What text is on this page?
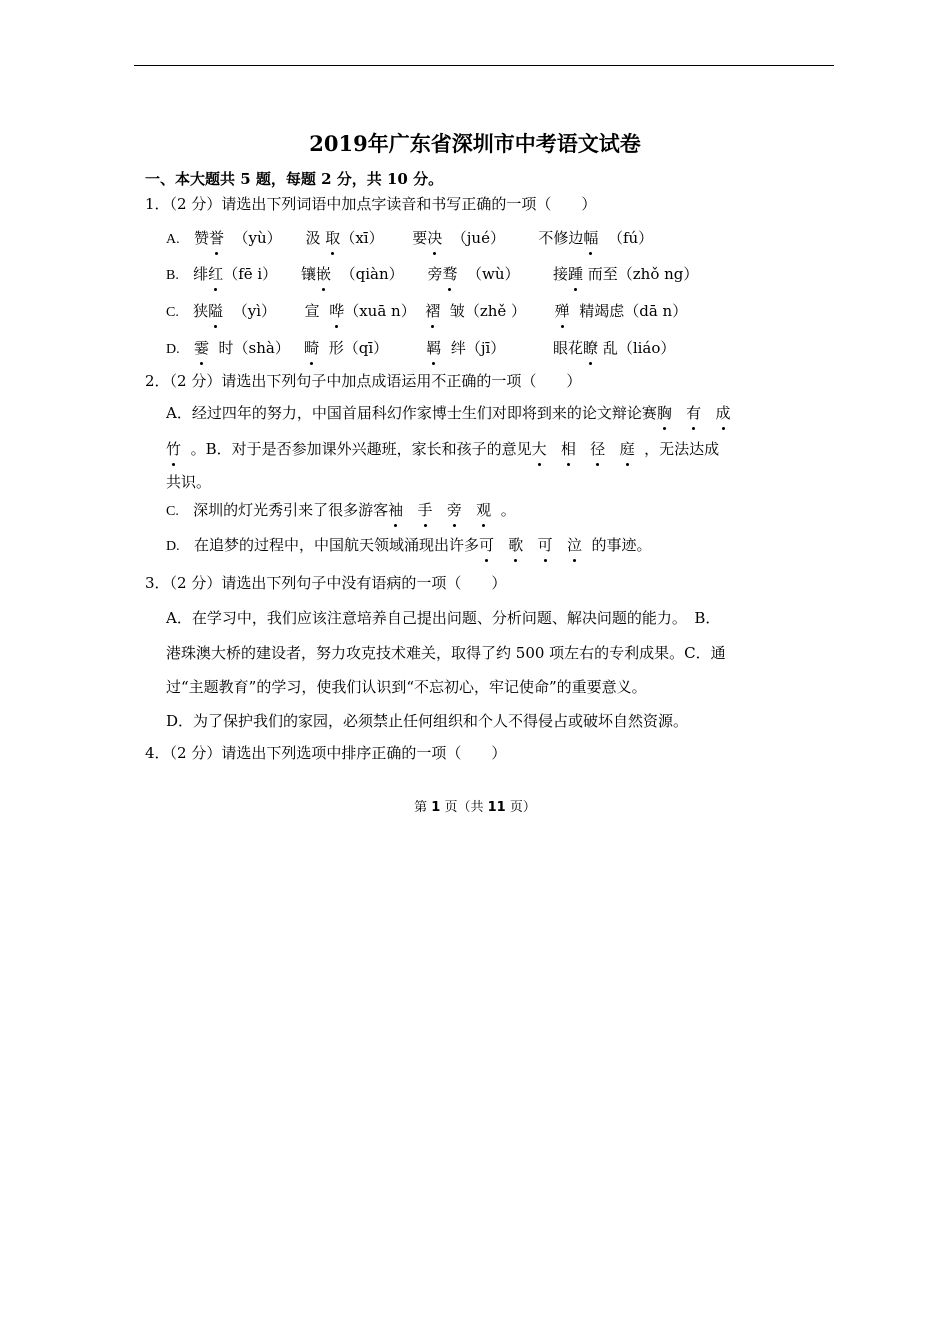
2019年广东省深圳市中考语文试卷
一、本大题共 5 题，每题 2 分，共 10 分。
1．（2 分）请选出下列词语中加点字读音和书写正确的一项（　　）
A. 赞誉 （yù） 汲 取（xī） 要决 （jué） 不修边幅 （fú）
B. 绯红（fē i） 镶嵌 （qiàn） 旁骛 （wù） 接踵 而至（zhǒ ng）
C. 狭隘 （yì） 宣 哗（xuā n） 褶 皱（zhě ） 殚 精竭虑（dā n）
D. 霎 时（shà） 畸 形（qī）	羁 绊（jī）	眼花瞭 乱（liáo）
2．（2 分）请选出下列句子中加点成语运用不正确的一项（　　）
A．经过四年的努力，中国首届科幻作家博士生们对即将到来的论文辩论赛胸 有 成
竹 。B．对于是否参加课外兴趣班，家长和孩子的意见大 相 径 庭 ，无法达成
共识。
C. 深圳的灯光秀引来了很多游客袖 手 旁 观 。
D. 在追梦的过程中，中国航天领域涌现出许多可 歌 可 泣 的事迹。
3．（2 分）请选出下列句子中没有语病的一项（　　）
A．在学习中，我们应该注意培养自己提出问题、分析问题、解决问题的能力。　B．
港珠澳大桥的建设者，努力攻克技术难关，取得了约 500 项左右的专利成果。C．通
过“主题教育”的学习，使我们认识到“不忘初心，牢记使命”的重要意义。
D．为了保护我们的家园，必须禁止任何组织和个人不得侵占或破坏自然资源。
4．（2 分）请选出下列选项中排序正确的一项（　　）
第 1 页（共 11 页）
